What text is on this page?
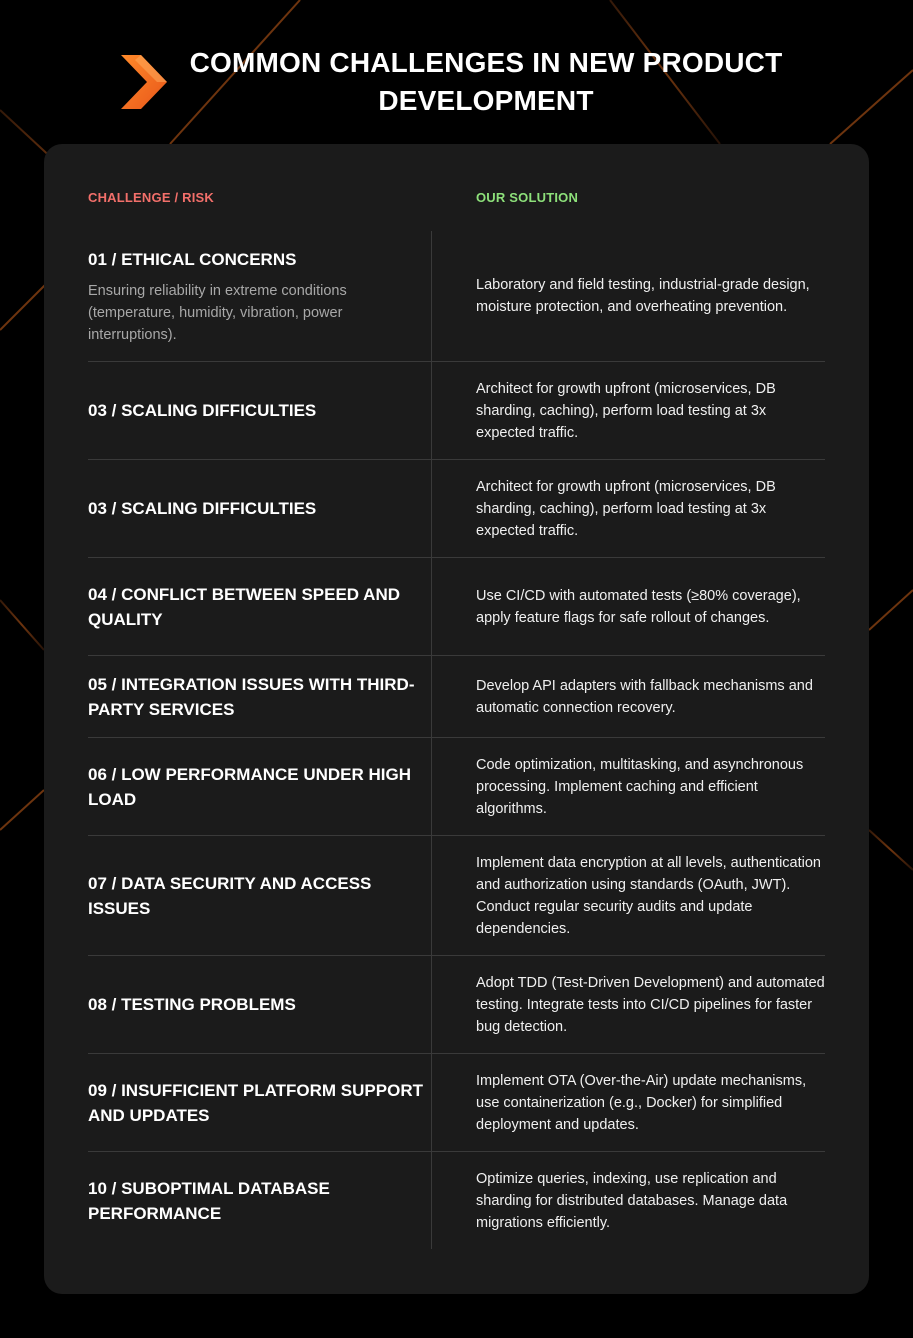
COMMON CHALLENGES IN NEW PRODUCT DEVELOPMENT
CHALLENGE / RISK	OUR SOLUTION
01 / ETHICAL CONCERNS
Ensuring reliability in extreme conditions (temperature, humidity, vibration, power interruptions).
Laboratory and field testing, industrial-grade design, moisture protection, and overheating prevention.
03 / SCALING DIFFICULTIES
Architect for growth upfront (microservices, DB sharding, caching), perform load testing at 3x expected traffic.
03 / SCALING DIFFICULTIES
Architect for growth upfront (microservices, DB sharding, caching), perform load testing at 3x expected traffic.
04 / CONFLICT BETWEEN SPEED AND QUALITY
Use CI/CD with automated tests (≥80% coverage), apply feature flags for safe rollout of changes.
05 / INTEGRATION ISSUES WITH THIRD-PARTY SERVICES
Develop API adapters with fallback mechanisms and automatic connection recovery.
06 / LOW PERFORMANCE UNDER HIGH LOAD
Code optimization, multitasking, and asynchronous processing. Implement caching and efficient algorithms.
07 / DATA SECURITY AND ACCESS ISSUES
Implement data encryption at all levels, authentication and authorization using standards (OAuth, JWT). Conduct regular security audits and update dependencies.
08 / TESTING PROBLEMS
Adopt TDD (Test-Driven Development) and automated testing. Integrate tests into CI/CD pipelines for faster bug detection.
09 / INSUFFICIENT PLATFORM SUPPORT AND UPDATES
Implement OTA (Over-the-Air) update mechanisms, use containerization (e.g., Docker) for simplified deployment and updates.
10 / SUBOPTIMAL DATABASE PERFORMANCE
Optimize queries, indexing, use replication and sharding for distributed databases. Manage data migrations efficiently.
